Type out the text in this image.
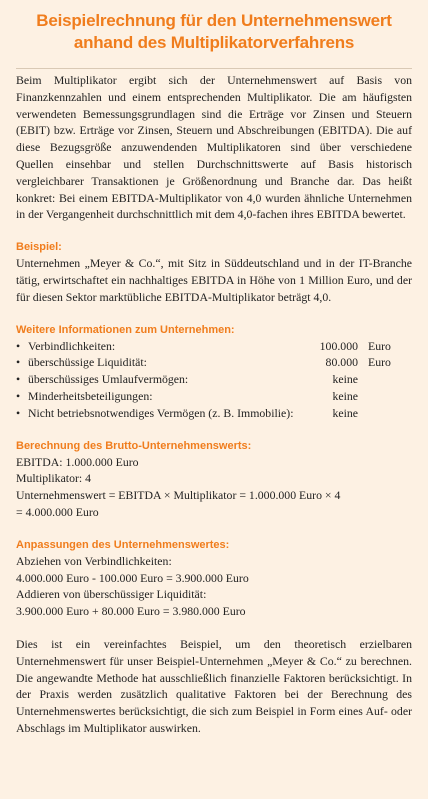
Beispielrechnung für den Unternehmenswert
anhand des Multiplikatorverfahrens

Beim Multiplikator ergibt sich der Unternehmenswert auf Basis von Finanzkennzahlen und einem entsprechenden Multiplikator. Die am häufigsten verwendeten Bemessungsgrundlagen sind die Erträge vor Zinsen und Steuern (EBIT) bzw. Erträge vor Zinsen, Steuern und Abschreibungen (EBITDA). Die auf diese Bezugsgröße anzuwendenden Multiplikatoren sind über verschiedene Quellen einsehbar und stellen Durchschnittswerte auf Basis historisch vergleichbarer Transaktionen je Größenordnung und Branche dar. Das heißt konkret: Bei einem EBITDA-Multiplikator von 4,0 wurden ähnliche Unternehmen in der Vergangenheit durchschnittlich mit dem 4,0-fachen ihres EBITDA bewertet.

Beispiel:
Unternehmen „Meyer & Co.“, mit Sitz in Süddeutschland und in der IT-Branche tätig, erwirtschaftet ein nachhaltiges EBITDA in Höhe von 1 Million Euro, und der für diesen Sektor marktübliche EBITDA-Multiplikator beträgt 4,0.
Weitere Informationen zum Unternehmen:
• Verbindlichkeiten:	100.000 Euro
• überschüssige Liquidität:	80.000 Euro
• überschüssiges Umlaufvermögen:	keine
• Minderheitsbeteiligungen:	keine
• Nicht betriebsnotwendiges Vermögen (z. B. Immobilie):	keine
Berechnung des Brutto-Unternehmenswerts:
EBITDA: 1.000.000 Euro
Multiplikator: 4
Unternehmenswert = EBITDA × Multiplikator = 1.000.000 Euro × 4
= 4.000.000 Euro
Anpassungen des Unternehmenswertes:
Abziehen von Verbindlichkeiten:
4.000.000 Euro - 100.000 Euro = 3.900.000 Euro
Addieren von überschüssiger Liquidität:
3.900.000 Euro + 80.000 Euro = 3.980.000 Euro

Dies ist ein vereinfachtes Beispiel, um den theoretisch erzielbaren Unternehmenswert für unser Beispiel-Unternehmen „Meyer & Co.“ zu berechnen. Die angewandte Methode hat ausschließlich finanzielle Faktoren berücksichtigt. In der Praxis werden zusätzlich qualitative Faktoren bei der Berechnung des Unternehmenswertes berücksichtigt, die sich zum Beispiel in Form eines Auf- oder Abschlags im Multiplikator auswirken.
